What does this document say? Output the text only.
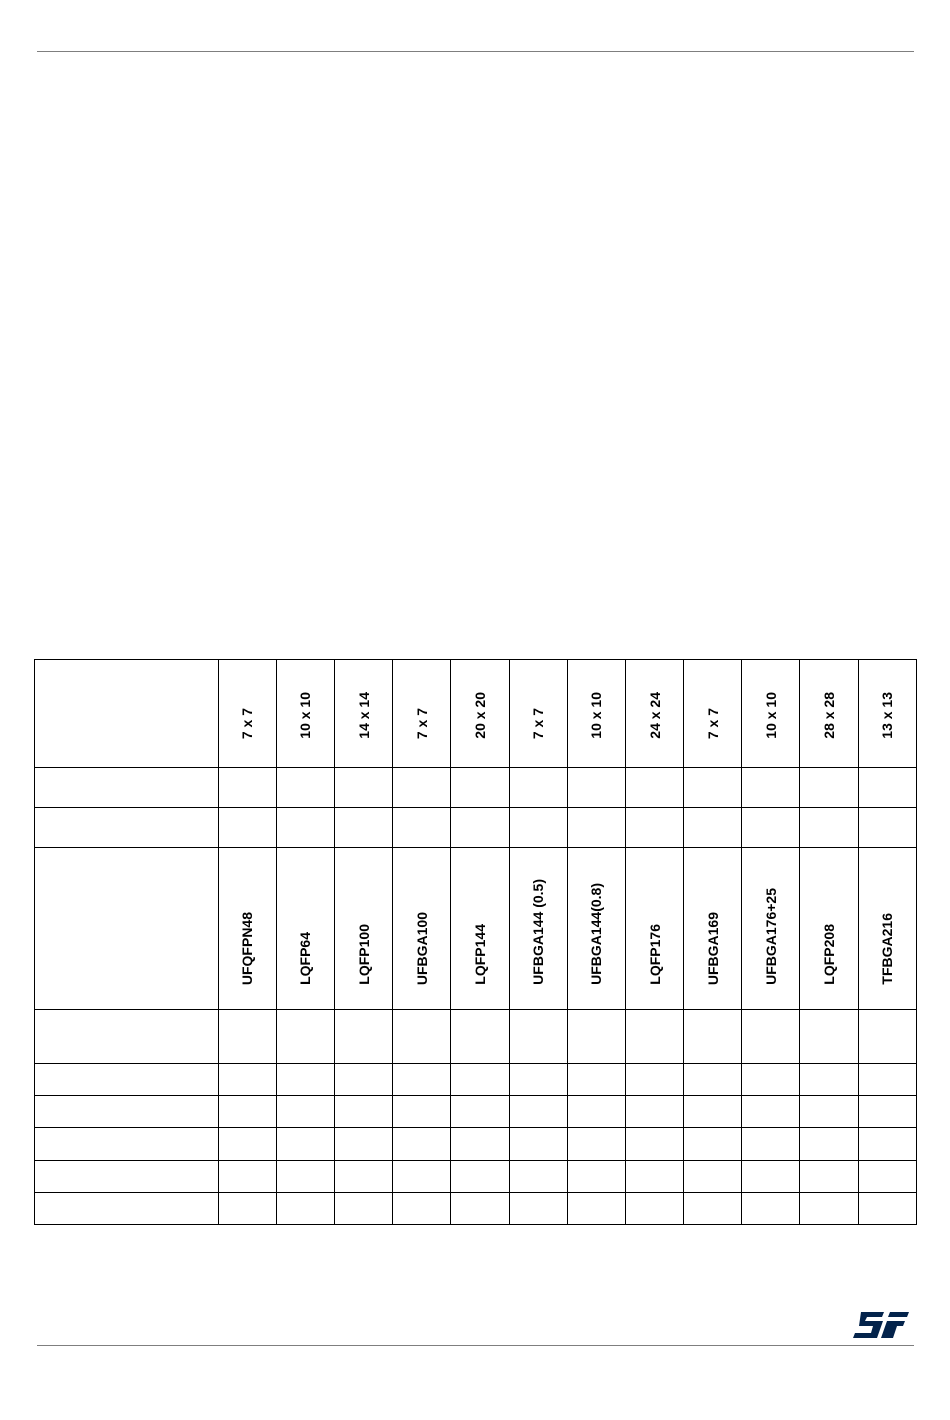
	7 x 7	10 x 10	14 x 14	7 x 7	20 x 20	7 x 7	10 x 10	24 x 24	7 x 7	10 x 10	28 x 28	13 x 13

	UFQFPN48	LQFP64	LQFP100	UFBGA100	LQFP144	UFBGA144 (0.5)	UFBGA144(0.8)	LQFP176	UFBGA169	UFBGA176+25	LQFP208	TFBGA216
